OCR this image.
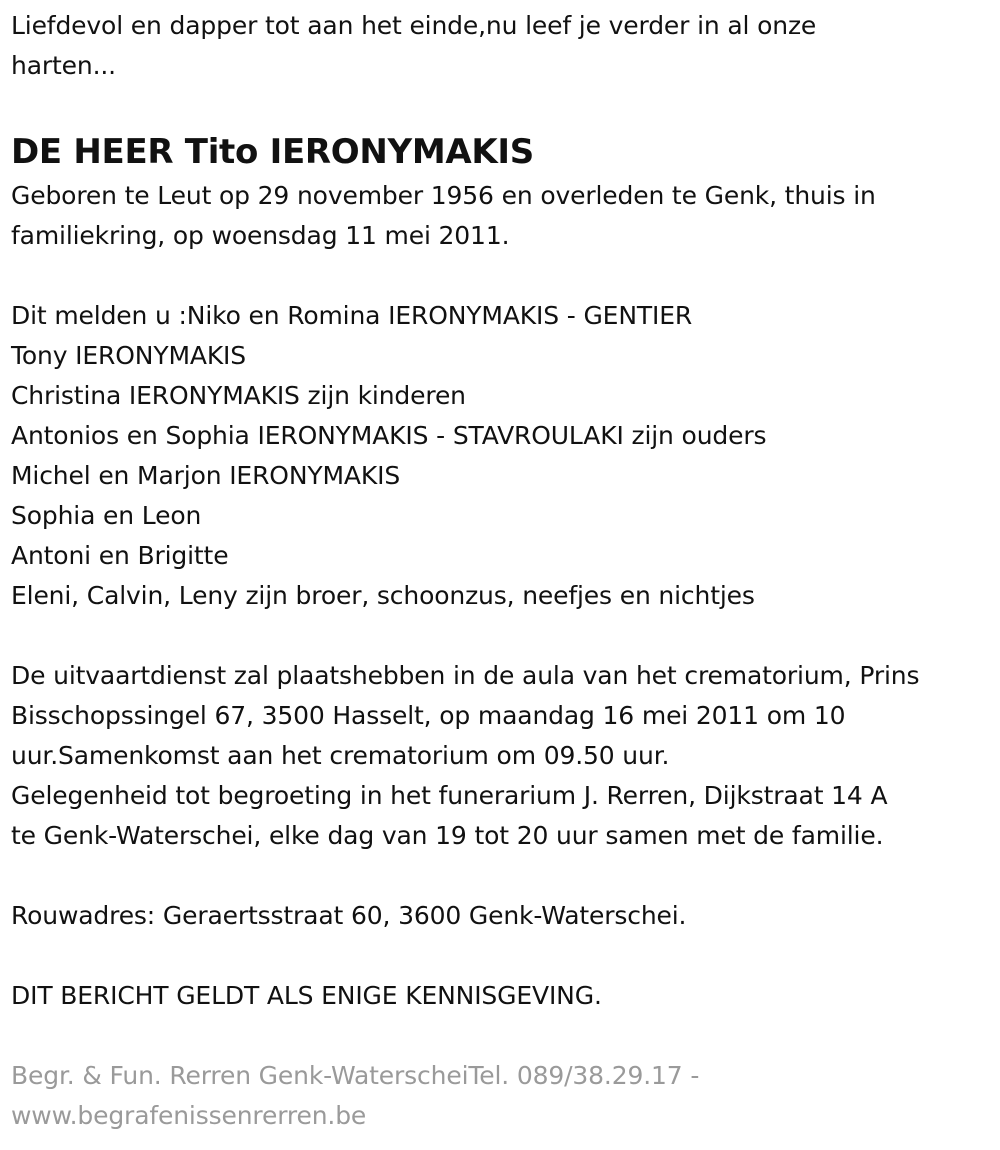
Liefdevol en dapper tot aan het einde,nu leef je verder in al onze
harten...
DE HEER Tito IERONYMAKIS
Geboren te Leut op 29 november 1956 en overleden te Genk, thuis in
familiekring, op woensdag 11 mei 2011.
Dit melden u :Niko en Romina IERONYMAKIS - GENTIER
Tony IERONYMAKIS
Christina IERONYMAKIS zijn kinderen
Antonios en Sophia IERONYMAKIS - STAVROULAKI zijn ouders
Michel en Marjon IERONYMAKIS
Sophia en Leon
Antoni en Brigitte
Eleni, Calvin, Leny zijn broer, schoonzus, neefjes en nichtjes
De uitvaartdienst zal plaatshebben in de aula van het crematorium, Prins
Bisschopssingel 67, 3500 Hasselt, op maandag 16 mei 2011 om 10
uur.Samenkomst aan het crematorium om 09.50 uur.
Gelegenheid tot begroeting in het funerarium J. Rerren, Dijkstraat 14 A
te Genk-Waterschei, elke dag van 19 tot 20 uur samen met de familie.
Rouwadres: Geraertsstraat 60, 3600 Genk-Waterschei.
DIT BERICHT GELDT ALS ENIGE KENNISGEVING.
Begr. & Fun. Rerren Genk-WaterscheiTel. 089/38.29.17 -
www.begrafenissenrerren.be
